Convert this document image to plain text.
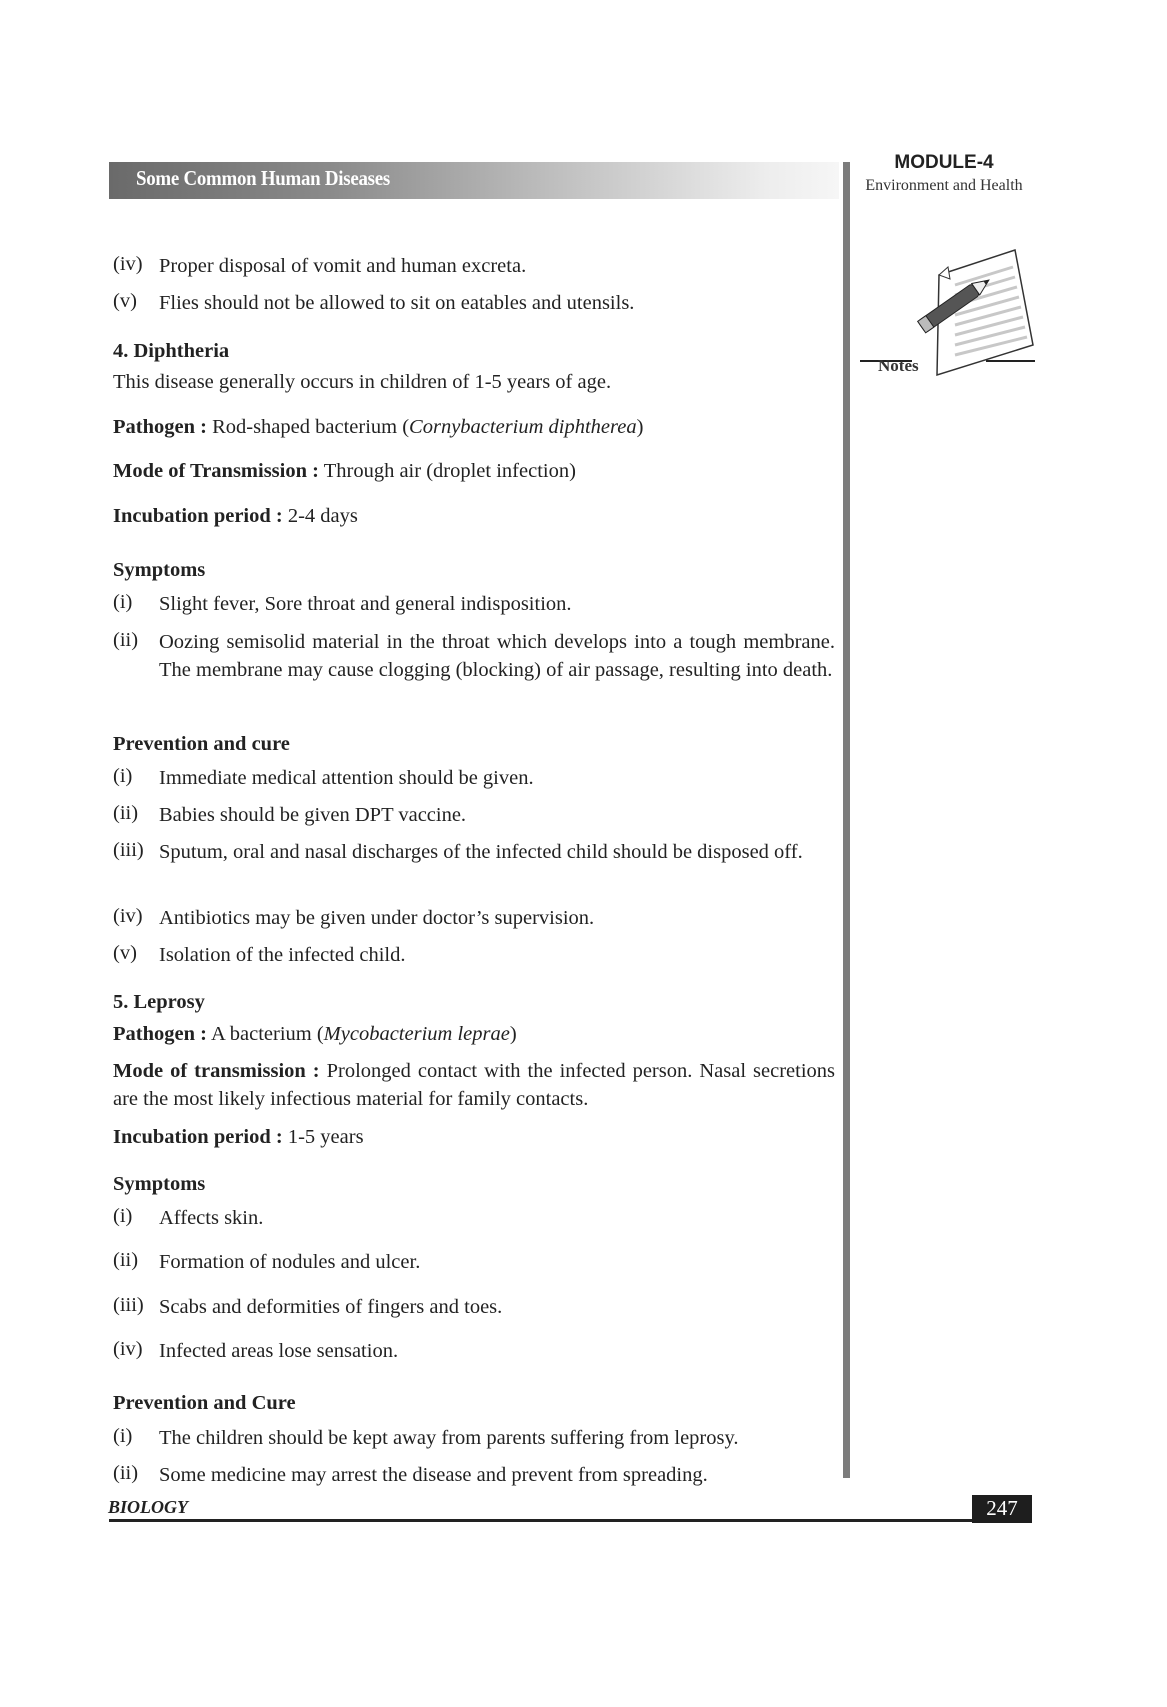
Some Common Human Diseases
MODULE-4
Environment and Health
Notes
(iv) Proper disposal of vomit and human excreta.
(v) Flies should not be allowed to sit on eatables and utensils.
4. Diphtheria
This disease generally occurs in children of 1-5 years of age.
Pathogen : Rod-shaped bacterium (Cornybacterium diphtherea)
Mode of Transmission : Through air (droplet infection)
Incubation period : 2-4 days
Symptoms
(i) Slight fever, Sore throat and general indisposition.
(ii) Oozing semisolid material in the throat which develops into a tough membrane. The membrane may cause clogging (blocking) of air passage, resulting into death.
Prevention and cure
(i) Immediate medical attention should be given.
(ii) Babies should be given DPT vaccine.
(iii) Sputum, oral and nasal discharges of the infected child should be disposed off.
(iv) Antibiotics may be given under doctor’s supervision.
(v) Isolation of the infected child.
5. Leprosy
Pathogen : A bacterium (Mycobacterium leprae)
Mode of transmission : Prolonged contact with the infected person. Nasal secretions are the most likely infectious material for family contacts.
Incubation period : 1-5 years
Symptoms
(i) Affects skin.
(ii) Formation of nodules and ulcer.
(iii) Scabs and deformities of fingers and toes.
(iv) Infected areas lose sensation.
Prevention and Cure
(i) The children should be kept away from parents suffering from leprosy.
(ii) Some medicine may arrest the disease and prevent from spreading.
BIOLOGY	247
